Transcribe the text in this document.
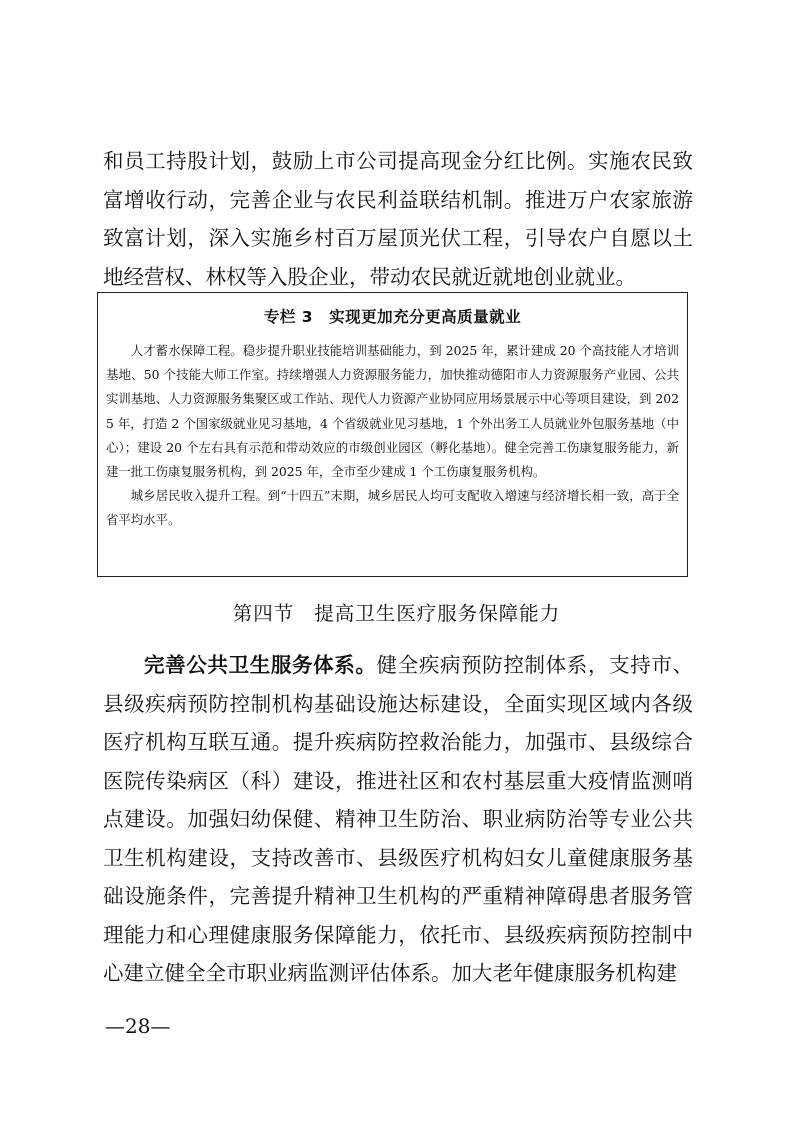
和员工持股计划，鼓励上市公司提高现金分红比例。实施农民致富增收行动，完善企业与农民利益联结机制。推进万户农家旅游致富计划，深入实施乡村百万屋顶光伏工程，引导农户自愿以土地经营权、林权等入股企业，带动农民就近就地创业就业。

专栏 3 实现更加充分更高质量就业

人才蓄水保障工程。稳步提升职业技能培训基础能力，到 2025 年，累计建成 20 个高技能人才培训基地、50 个技能大师工作室。持续增强人力资源服务能力，加快推动德阳市人力资源服务产业园、公共实训基地、人力资源服务集聚区或工作站、现代人力资源产业协同应用场景展示中心等项目建设，到 2025 年，打造 2 个国家级就业见习基地，4 个省级就业见习基地，1 个外出务工人员就业外包服务基地（中心）；建设 20 个左右具有示范和带动效应的市级创业园区（孵化基地）。健全完善工伤康复服务能力，新建一批工伤康复服务机构，到 2025 年，全市至少建成 1 个工伤康复服务机构。

城乡居民收入提升工程。到“十四五”末期，城乡居民人均可支配收入增速与经济增长相一致，高于全省平均水平。

第四节 提高卫生医疗服务保障能力

完善公共卫生服务体系。健全疾病预防控制体系，支持市、县级疾病预防控制机构基础设施达标建设，全面实现区域内各级医疗机构互联互通。提升疾病防控救治能力，加强市、县级综合医院传染病区（科）建设，推进社区和农村基层重大疫情监测哨点建设。加强妇幼保健、精神卫生防治、职业病防治等专业公共卫生机构建设，支持改善市、县级医疗机构妇女儿童健康服务基础设施条件，完善提升精神卫生机构的严重精神障碍患者服务管理能力和心理健康服务保障能力，依托市、县级疾病预防控制中心建立健全全市职业病监测评估体系。加大老年健康服务机构建

—28—
